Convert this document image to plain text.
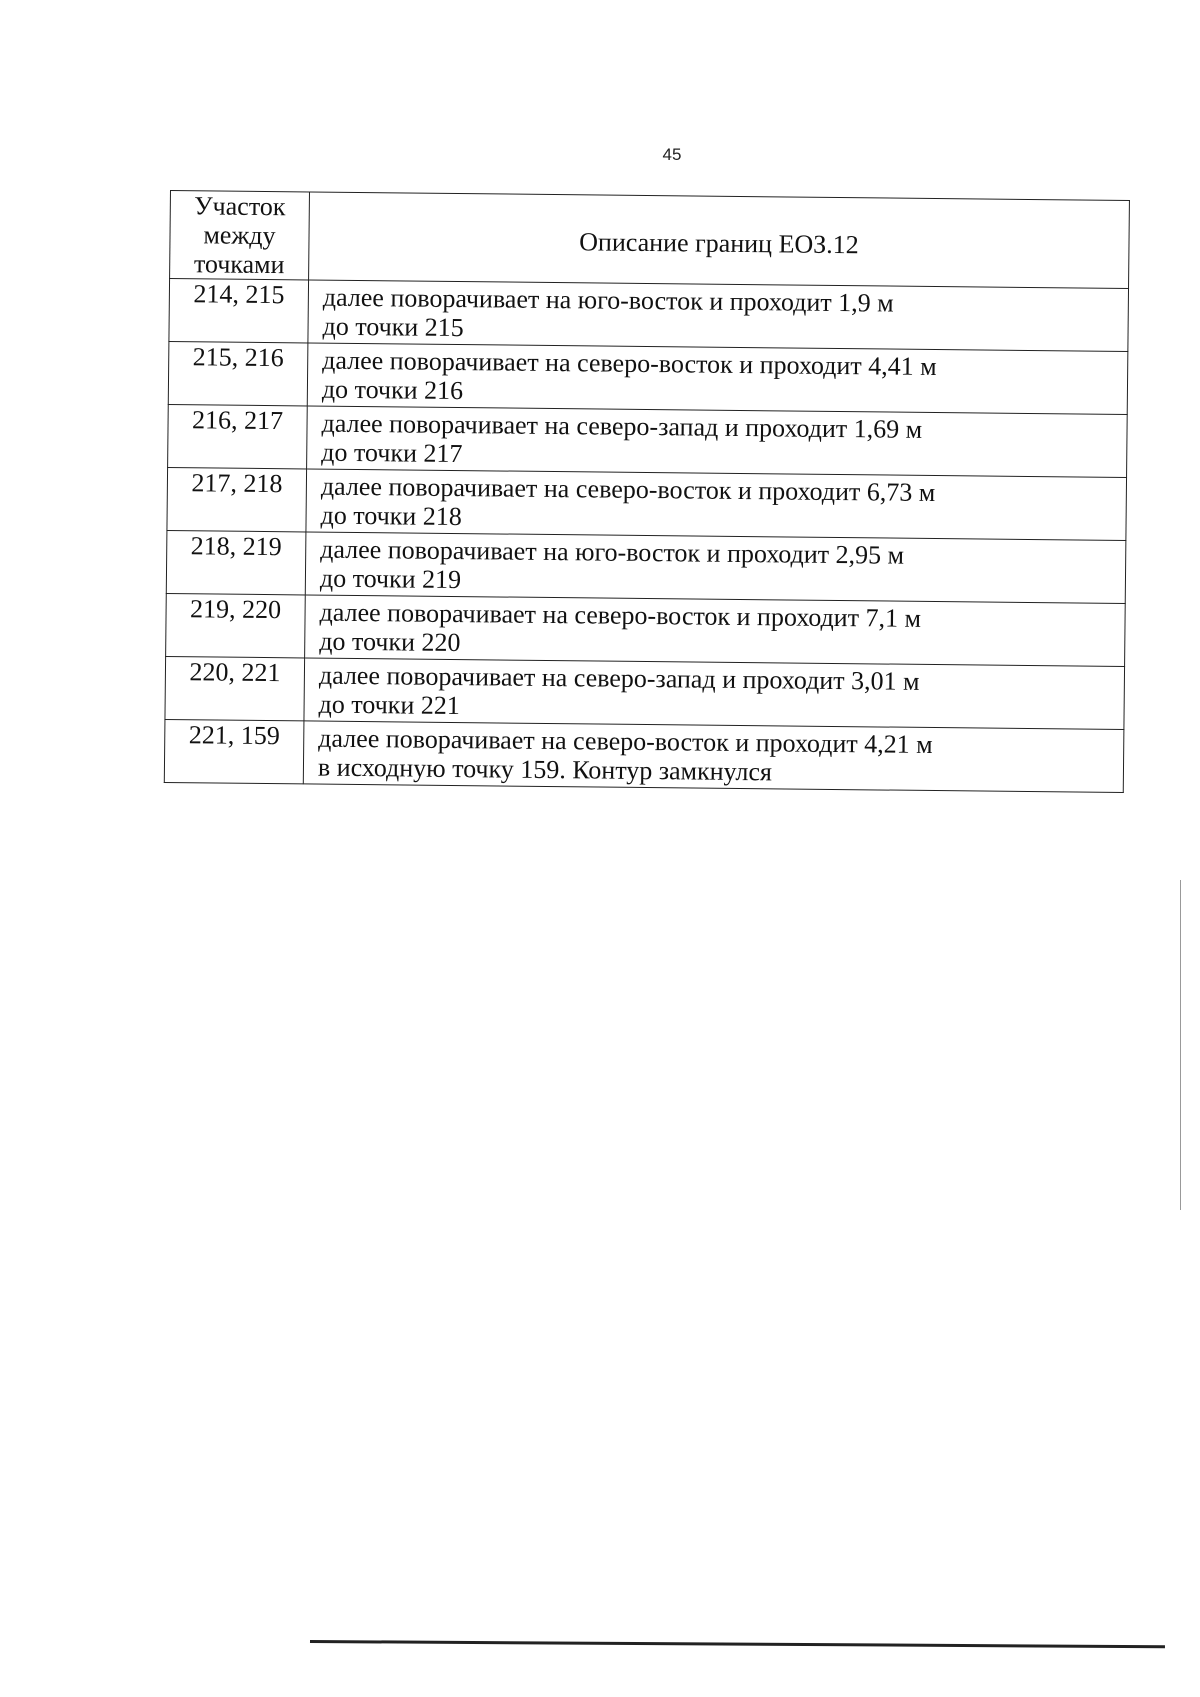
45
Участок
между
точками	Описание границ ЕОЗ.12
214, 215	далее поворачивает на юго-восток и проходит 1,9 м
до точки 215

215, 216	далее поворачивает на северо-восток и проходит 4,41 м
до точки 216

216, 217	далее поворачивает на северо-запад и проходит 1,69 м
до точки 217

217, 218	далее поворачивает на северо-восток и проходит 6,73 м
до точки 218

218, 219	далее поворачивает на юго-восток и проходит 2,95 м
до точки 219

219, 220	далее поворачивает на северо-восток и проходит 7,1 м
до точки 220

220, 221	далее поворачивает на северо-запад и проходит 3,01 м
до точки 221

221, 159	далее поворачивает на северо-восток и проходит 4,21 м
в исходную точку 159. Контур замкнулся
